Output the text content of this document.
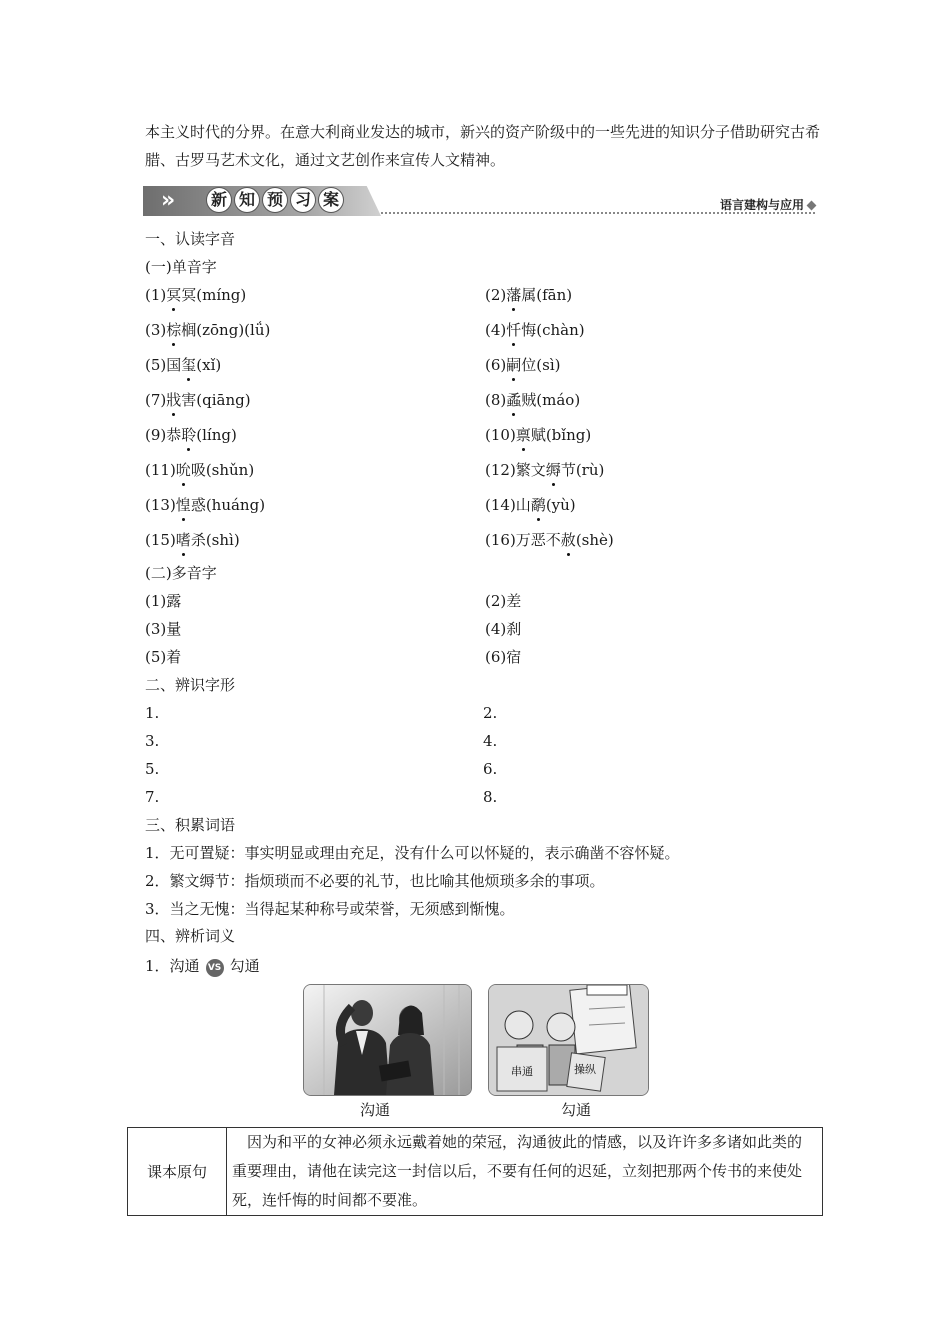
本主义时代的分界。在意大利商业发达的城市，新兴的资产阶级中的一些先进的知识分子借助研究古希腊、古罗马艺术文化，通过文艺创作来宣传人文精神。
» 新 知 预 习 案	语言建构与应用
一、认读字音
(一)单音字
(1)冥冥(míng)	(2)藩属(fān)
(3)棕榈(zōng)(lǘ)	(4)忏悔(chàn)
(5)国玺(xǐ)	(6)嗣位(sì)
(7)戕害(qiāng)	(8)蟊贼(máo)
(9)恭聆(líng)	(10)禀赋(bǐng)
(11)吮吸(shǔn)	(12)繁文缛节(rù)
(13)惶惑(huáng)	(14)山鹬(yù)
(15)嗜杀(shì)	(16)万恶不赦(shè)
(二)多音字
(1)露	(2)差
(3)量	(4)刹
(5)着	(6)宿
二、辨识字形
1.	2.
3.	4.
5.	6.
7.	8.
三、积累词语
1．无可置疑：事实明显或理由充足，没有什么可以怀疑的，表示确凿不容怀疑。
2．繁文缛节：指烦琐而不必要的礼节，也比喻其他烦琐多余的事项。
3．当之无愧：当得起某种称号或荣誉，无须感到惭愧。
四、辨析词义
1．沟通 VS 勾通
串通	操纵
沟通	勾通
课本原句
因为和平的女神必须永远戴着她的荣冠，沟通彼此的情感，以及许许多多诸如此类的重要理由，请他在读完这一封信以后，不要有任何的迟延，立刻把那两个传书的来使处死，连忏悔的时间都不要准。
